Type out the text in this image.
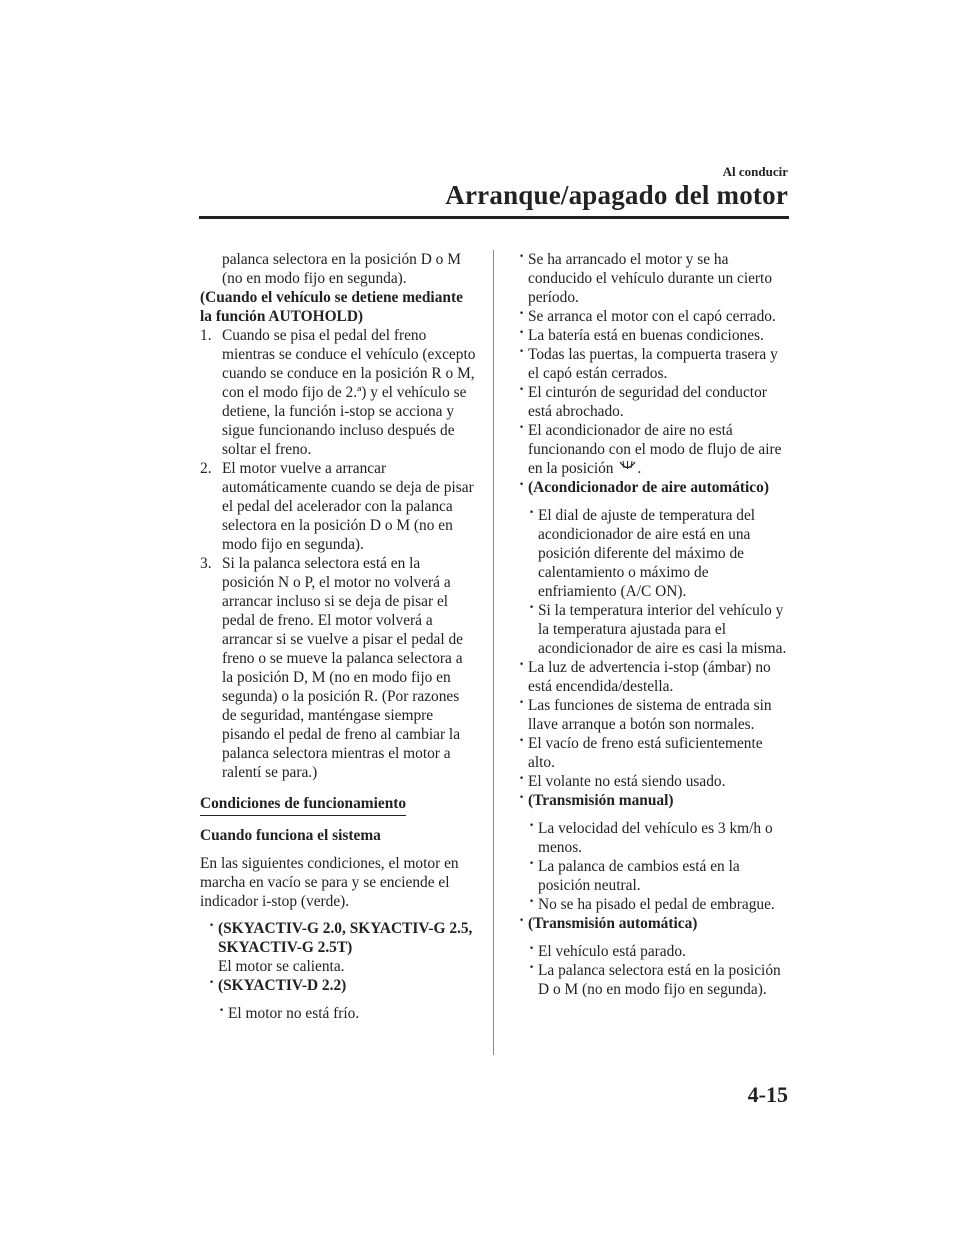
Al conducir
Arranque/apagado del motor

palanca selectora en la posición D o M (no en modo fijo en segunda).

(Cuando el vehículo se detiene mediante la función AUTOHOLD)

1. Cuando se pisa el pedal del freno mientras se conduce el vehículo (excepto cuando se conduce en la posición R o M, con el modo fijo de 2.ª) y el vehículo se detiene, la función i-stop se acciona y sigue funcionando incluso después de soltar el freno.
2. El motor vuelve a arrancar automáticamente cuando se deja de pisar el pedal del acelerador con la palanca selectora en la posición D o M (no en modo fijo en segunda).
3. Si la palanca selectora está en la posición N o P, el motor no volverá a arrancar incluso si se deja de pisar el pedal de freno. El motor volverá a arrancar si se vuelve a pisar el pedal de freno o se mueve la palanca selectora a la posición D, M (no en modo fijo en segunda) o la posición R. (Por razones de seguridad, manténgase siempre pisando el pedal de freno al cambiar la palanca selectora mientras el motor a ralentí se para.)

Condiciones de funcionamiento

Cuando funciona el sistema

En las siguientes condiciones, el motor en marcha en vacío se para y se enciende el indicador i-stop (verde).

· (SKYACTIV-G 2.0, SKYACTIV-G 2.5, SKYACTIV-G 2.5T)
El motor se calienta.
· (SKYACTIV-D 2.2)
· El motor no está frío.
· Se ha arrancado el motor y se ha conducido el vehículo durante un cierto período.
· Se arranca el motor con el capó cerrado.
· La batería está en buenas condiciones.
· Todas las puertas, la compuerta trasera y el capó están cerrados.
· El cinturón de seguridad del conductor está abrochado.
· El acondicionador de aire no está funcionando con el modo de flujo de aire en la posición .
· (Acondicionador de aire automático)
· El dial de ajuste de temperatura del acondicionador de aire está en una posición diferente del máximo de calentamiento o máximo de enfriamiento (A/C ON).
· Si la temperatura interior del vehículo y la temperatura ajustada para el acondicionador de aire es casi la misma.
· La luz de advertencia i-stop (ámbar) no está encendida/destella.
· Las funciones de sistema de entrada sin llave arranque a botón son normales.
· El vacío de freno está suficientemente alto.
· El volante no está siendo usado.
· (Transmisión manual)
· La velocidad del vehículo es 3 km/h o menos.
· La palanca de cambios está en la posición neutral.
· No se ha pisado el pedal de embrague.
· (Transmisión automática)
· El vehículo está parado.
· La palanca selectora está en la posición D o M (no en modo fijo en segunda).
4-15
